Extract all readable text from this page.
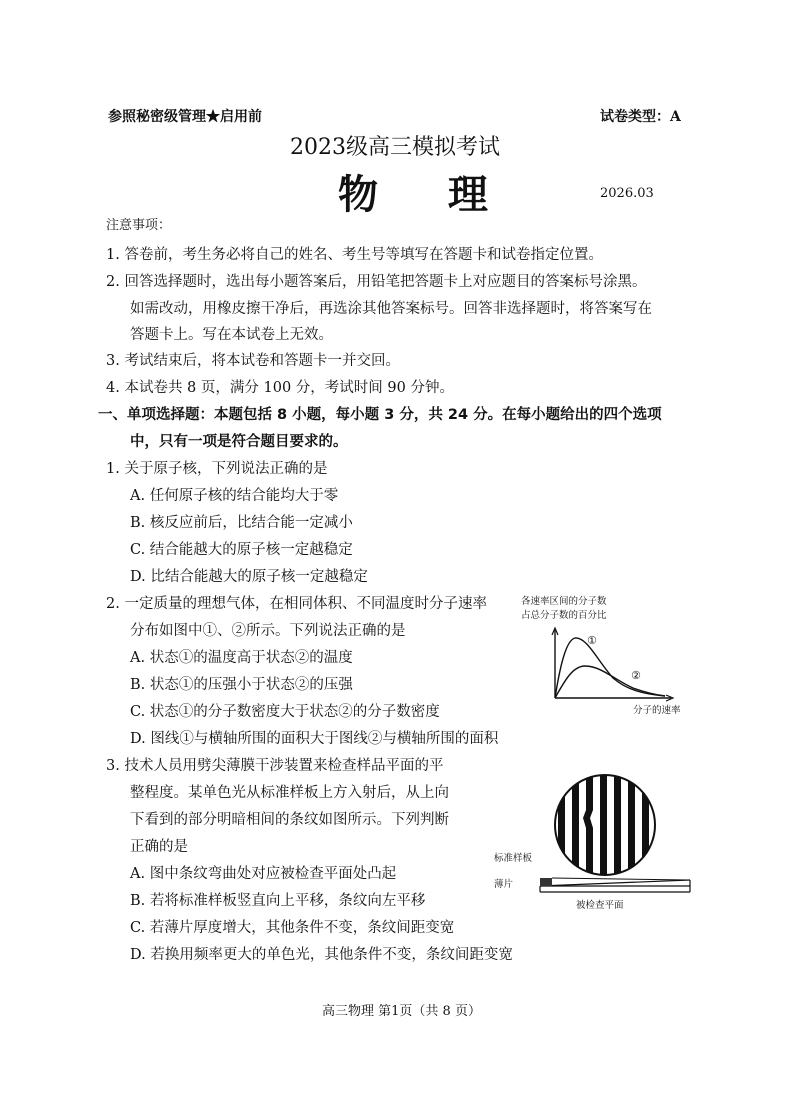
参照秘密级管理★启用前	试卷类型：A
2023级高三模拟考试
物 理	2026.03
注意事项：
1. 答卷前，考生务必将自己的姓名、考生号等填写在答题卡和试卷指定位置。
2. 回答选择题时，选出每小题答案后，用铅笔把答题卡上对应题目的答案标号涂黑。
如需改动，用橡皮擦干净后，再选涂其他答案标号。回答非选择题时，将答案写在
答题卡上。写在本试卷上无效。
3. 考试结束后，将本试卷和答题卡一并交回。
4. 本试卷共 8 页，满分 100 分，考试时间 90 分钟。
一、单项选择题：本题包括 8 小题，每小题 3 分，共 24 分。在每小题给出的四个选项
中，只有一项是符合题目要求的。
1. 关于原子核，下列说法正确的是
A. 任何原子核的结合能均大于零
B. 核反应前后，比结合能一定减小
C. 结合能越大的原子核一定越稳定
D. 比结合能越大的原子核一定越稳定
2. 一定质量的理想气体，在相同体积、不同温度时分子速率
分布如图中①、②所示。下列说法正确的是
A. 状态①的温度高于状态②的温度
B. 状态①的压强小于状态②的压强
C. 状态①的分子数密度大于状态②的分子数密度
D. 图线①与横轴所围的面积大于图线②与横轴所围的面积
各速率区间的分子数
占总分子数的百分比
①
②
分子的速率
3. 技术人员用劈尖薄膜干涉装置来检查样品平面的平
整程度。某单色光从标准样板上方入射后，从上向
下看到的部分明暗相间的条纹如图所示。下列判断
正确的是
A. 图中条纹弯曲处对应被检查平面处凸起
B. 若将标准样板竖直向上平移，条纹向左平移
C. 若薄片厚度增大，其他条件不变，条纹间距变宽
D. 若换用频率更大的单色光，其他条件不变，条纹间距变宽
标准样板
薄片
被检查平面
高三物理 第1页（共 8 页）
